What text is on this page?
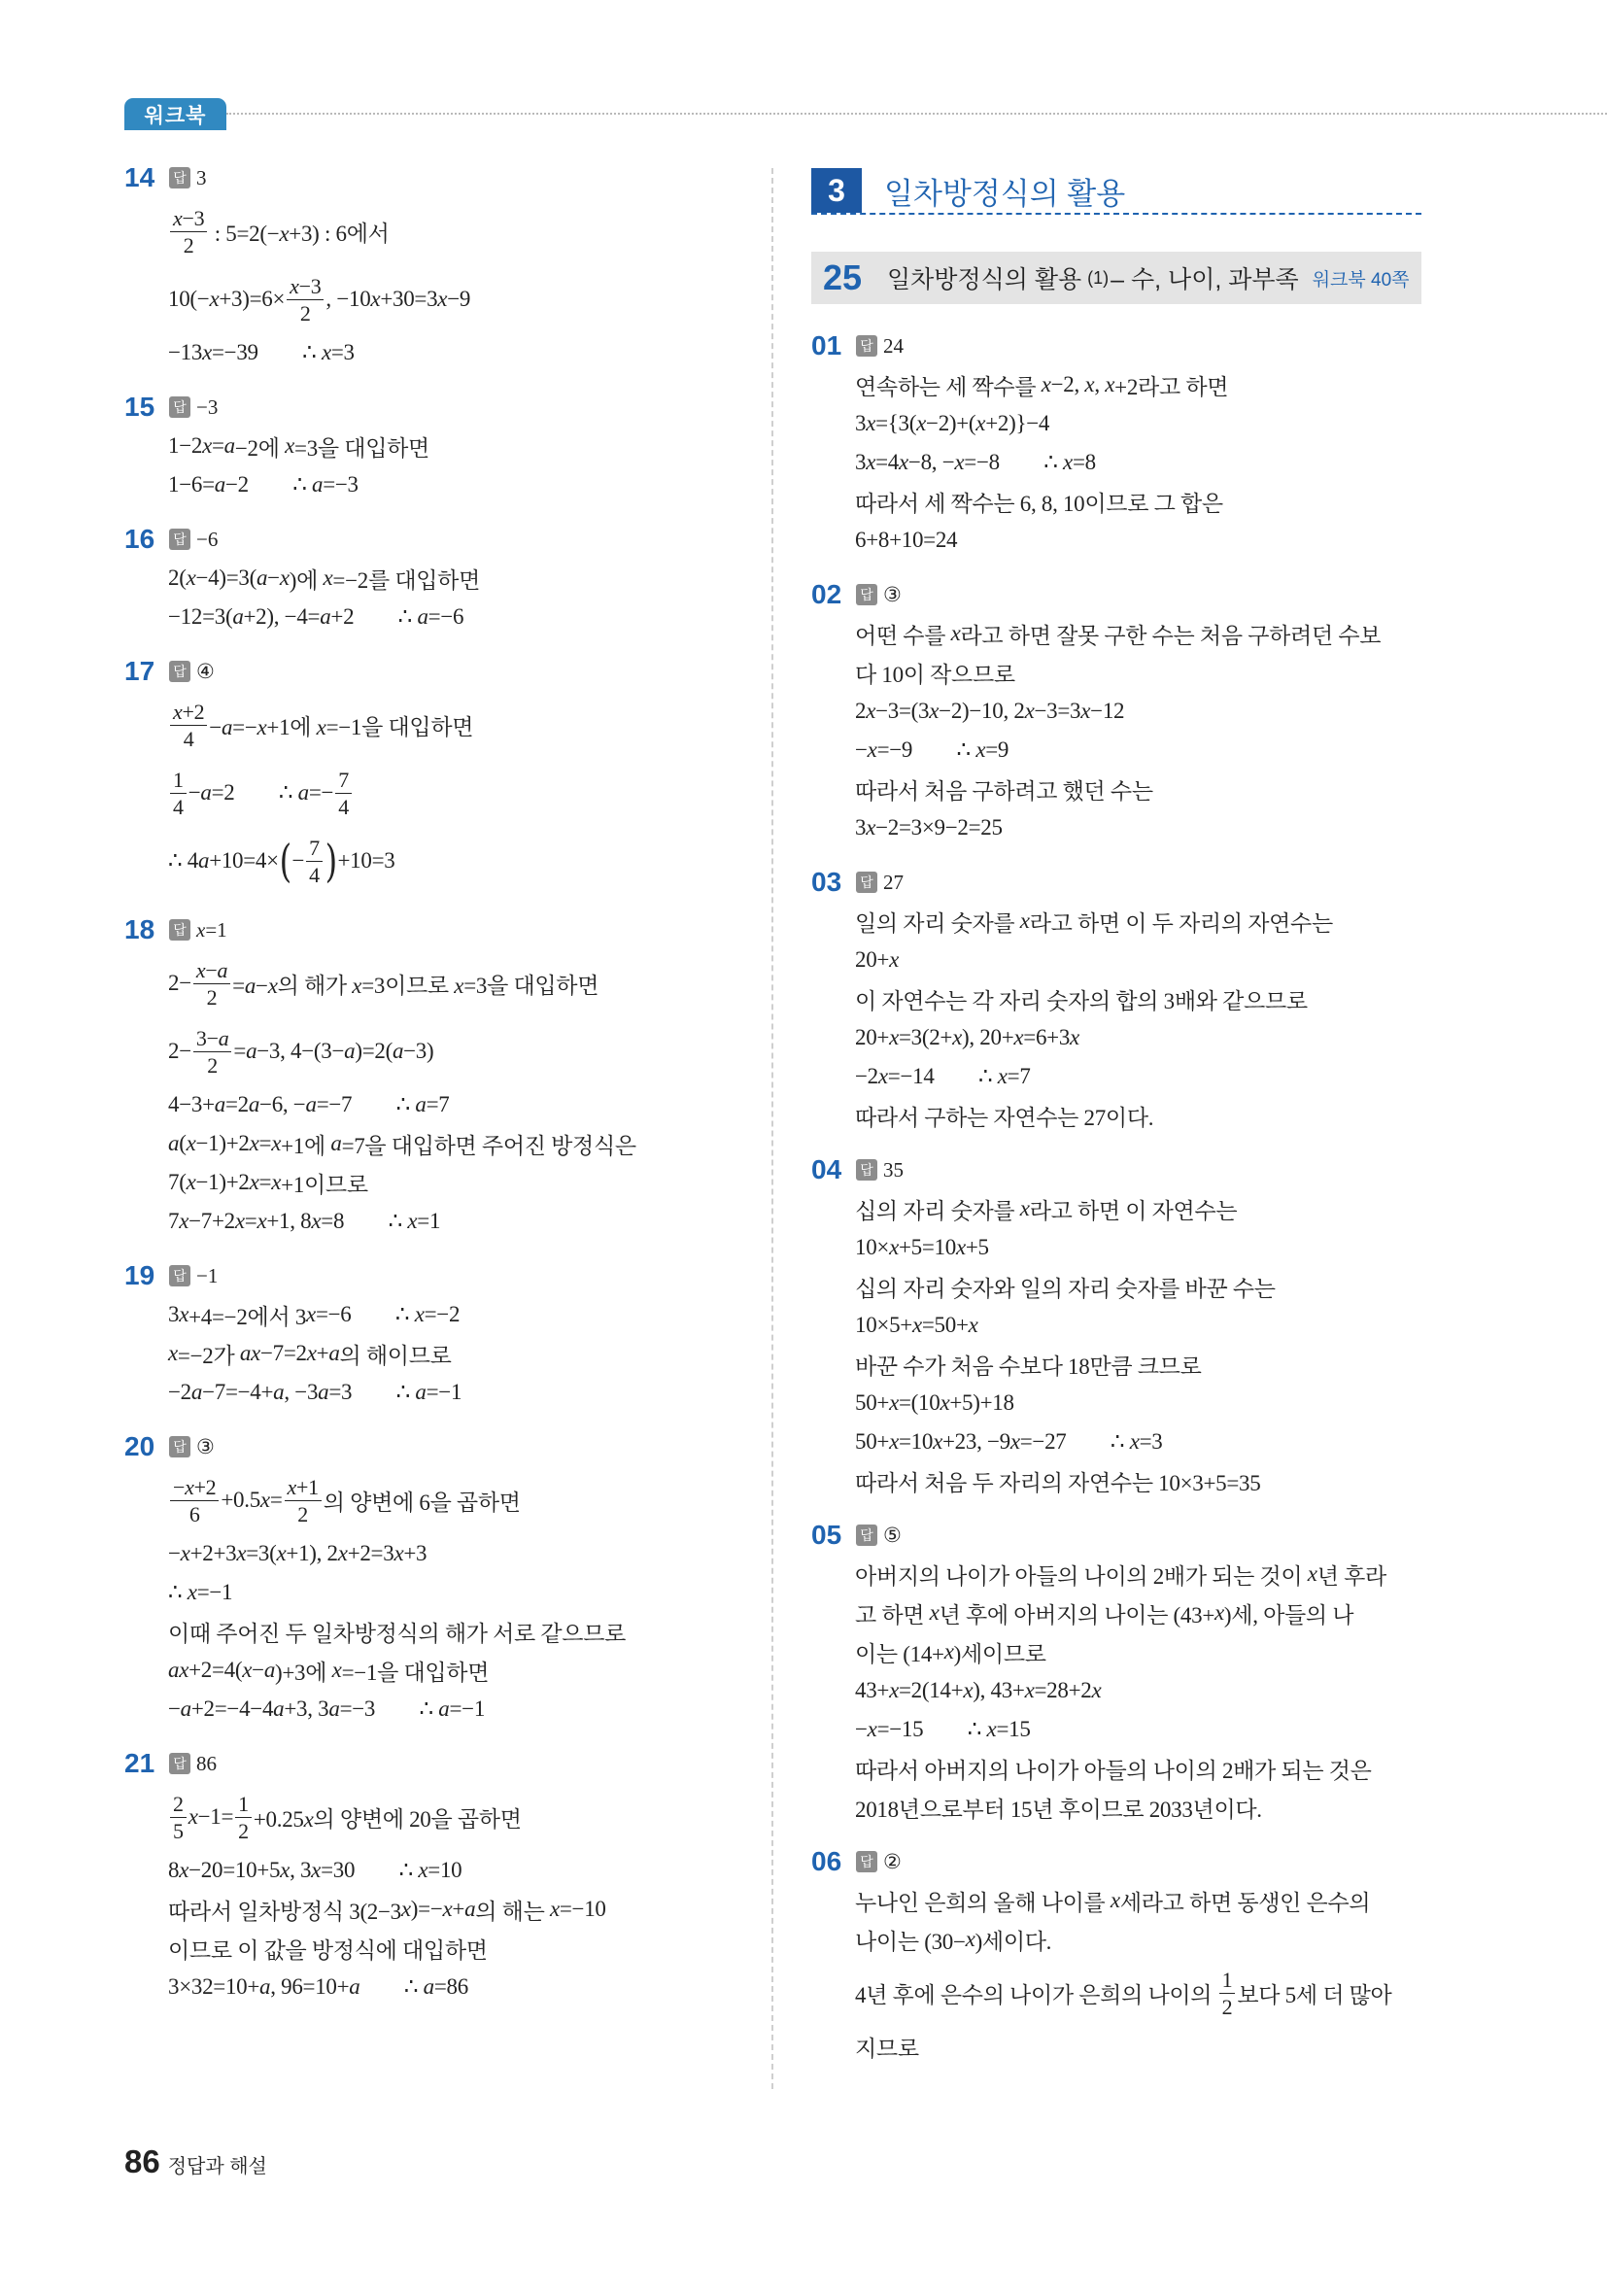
워크북
14	답 3
$\frac{x-3}{2}$ : 5=2(−x+3) : 6에서
$10(-x+3)=6\times \frac{x-3}{2}$ , −10x+30=3x−9
−13 x =−39  ∴ x =3
15	답 −3
1−2 x = a −2에 x =3을 대입하면
1−6= a −2  ∴ a =−3
16	답 −6
2( x −4)=3( a − x )에 x =−2를 대입하면
−12=3( a +2), −4= a +2  ∴ a =−6
17	답 ④
$\frac{x+2}{4} -a=-x+1$에 x=−1을 대입하면
$\frac{1}{4} -a=2$  ∴ $a=- \frac{7}{4}$
∴ 4a+10=4× ( − $\frac{7}{4}$ ) +10=3
18	답 x=1
$2- \frac{x-a}{2} =a-x$의 해가 x=3이므로 x=3을 대입하면
$2- \frac{3-a}{2} =a-3$, 4−(3−a)=2(a−3)
4−3+ a =2 a −6, − a =−7  ∴ a =7
a ( x −1)+2 x = x +1에 a =7을 대입하면 주어진 방정식은
7( x −1)+2 x = x +1이므로
7 x −7+2 x = x +1, 8 x =8  ∴ x =1
19	답 −1
3 x +4=−2에서 3 x =−6  ∴ x =−2
x =−2가 a x −7=2 x + a 의 해이므로
−2 a −7=−4+ a , −3 a =3  ∴ a =−1
20	답 ③
$\frac{-x+2}{6} +0.5x= \frac{x+1}{2}$ 의 양변에 6을 곱하면
− x +2+3 x =3( x +1), 2 x +2=3 x +3
∴ x =−1
이때 주어진 두 일차방정식의 해가 서로 같으므로
a x +2=4( x − a )+3에 x =−1을 대입하면
− a +2=−4−4 a +3, 3 a =−3  ∴ a =−1
21	답 86
$\frac{2}{5} x-1= \frac{1}{2} +0.25x$의 양변에 20을 곱하면
8 x −20=10+5 x , 3 x =30  ∴ x =10
따라서 일차방정식 3(2−3 x )=− x + a 의 해는 x =−10
이므로 이 값을 방정식에 대입하면
3×32=10+ a , 96=10+ a   ∴ a =86
3	일차방정식의 활용
25	일차방정식의 활용 (1) – 수, 나이, 과부족 워크북 40쪽
01	답 24
연속하는 세 짝수를 x −2, x , x +2라고 하면
3 x ={3( x −2)+( x +2)}−4
3 x =4 x −8, − x =−8  ∴ x =8
따라서 세 짝수는 6, 8, 10이므로 그 합은
6+8+10=24
02	답 ③
어떤 수를 x 라고 하면 잘못 구한 수는 처음 구하려던 수보
다 10이 작으므로
2 x −3=(3 x −2)−10, 2 x −3=3 x −12
− x =−9  ∴ x =9
따라서 처음 구하려고 했던 수는
3 x −2=3×9−2=25
03	답 27
일의 자리 숫자를 x 라고 하면 이 두 자리의 자연수는
20+ x
이 자연수는 각 자리 숫자의 합의 3배와 같으므로
20+ x =3(2+ x ), 20+ x =6+3 x
−2 x =−14  ∴ x =7
따라서 구하는 자연수는 27이다.
04	답 35
십의 자리 숫자를 x 라고 하면 이 자연수는
10× x +5=10 x +5
십의 자리 숫자와 일의 자리 숫자를 바꾼 수는
10×5+ x =50+ x
바꾼 수가 처음 수보다 18만큼 크므로
50+ x =(10 x +5)+18
50+ x =10 x +23, −9 x =−27  ∴ x =3
따라서 처음 두 자리의 자연수는 10×3+5=35
05	답 ⑤
아버지의 나이가 아들의 나이의 2배가 되는 것이 x 년 후라
고 하면 x 년 후에 아버지의 나이는 (43+ x )세, 아들의 나
이는 (14+ x )세이므로
43+ x =2(14+ x ), 43+ x =28+2 x
− x =−15  ∴ x =15
따라서 아버지의 나이가 아들의 나이의 2배가 되는 것은
2018년으로부터 15년 후이므로 2033년이다.
06	답 ②
누나인 은희의 올해 나이를 x 세라고 하면 동생인 은수의
나이는 (30− x )세이다.
4년 후에 은수의 나이가 은희의 나이의 $\frac{1}{2}$ 보다 5세 더 많아
지므로
86 정답과 해설
